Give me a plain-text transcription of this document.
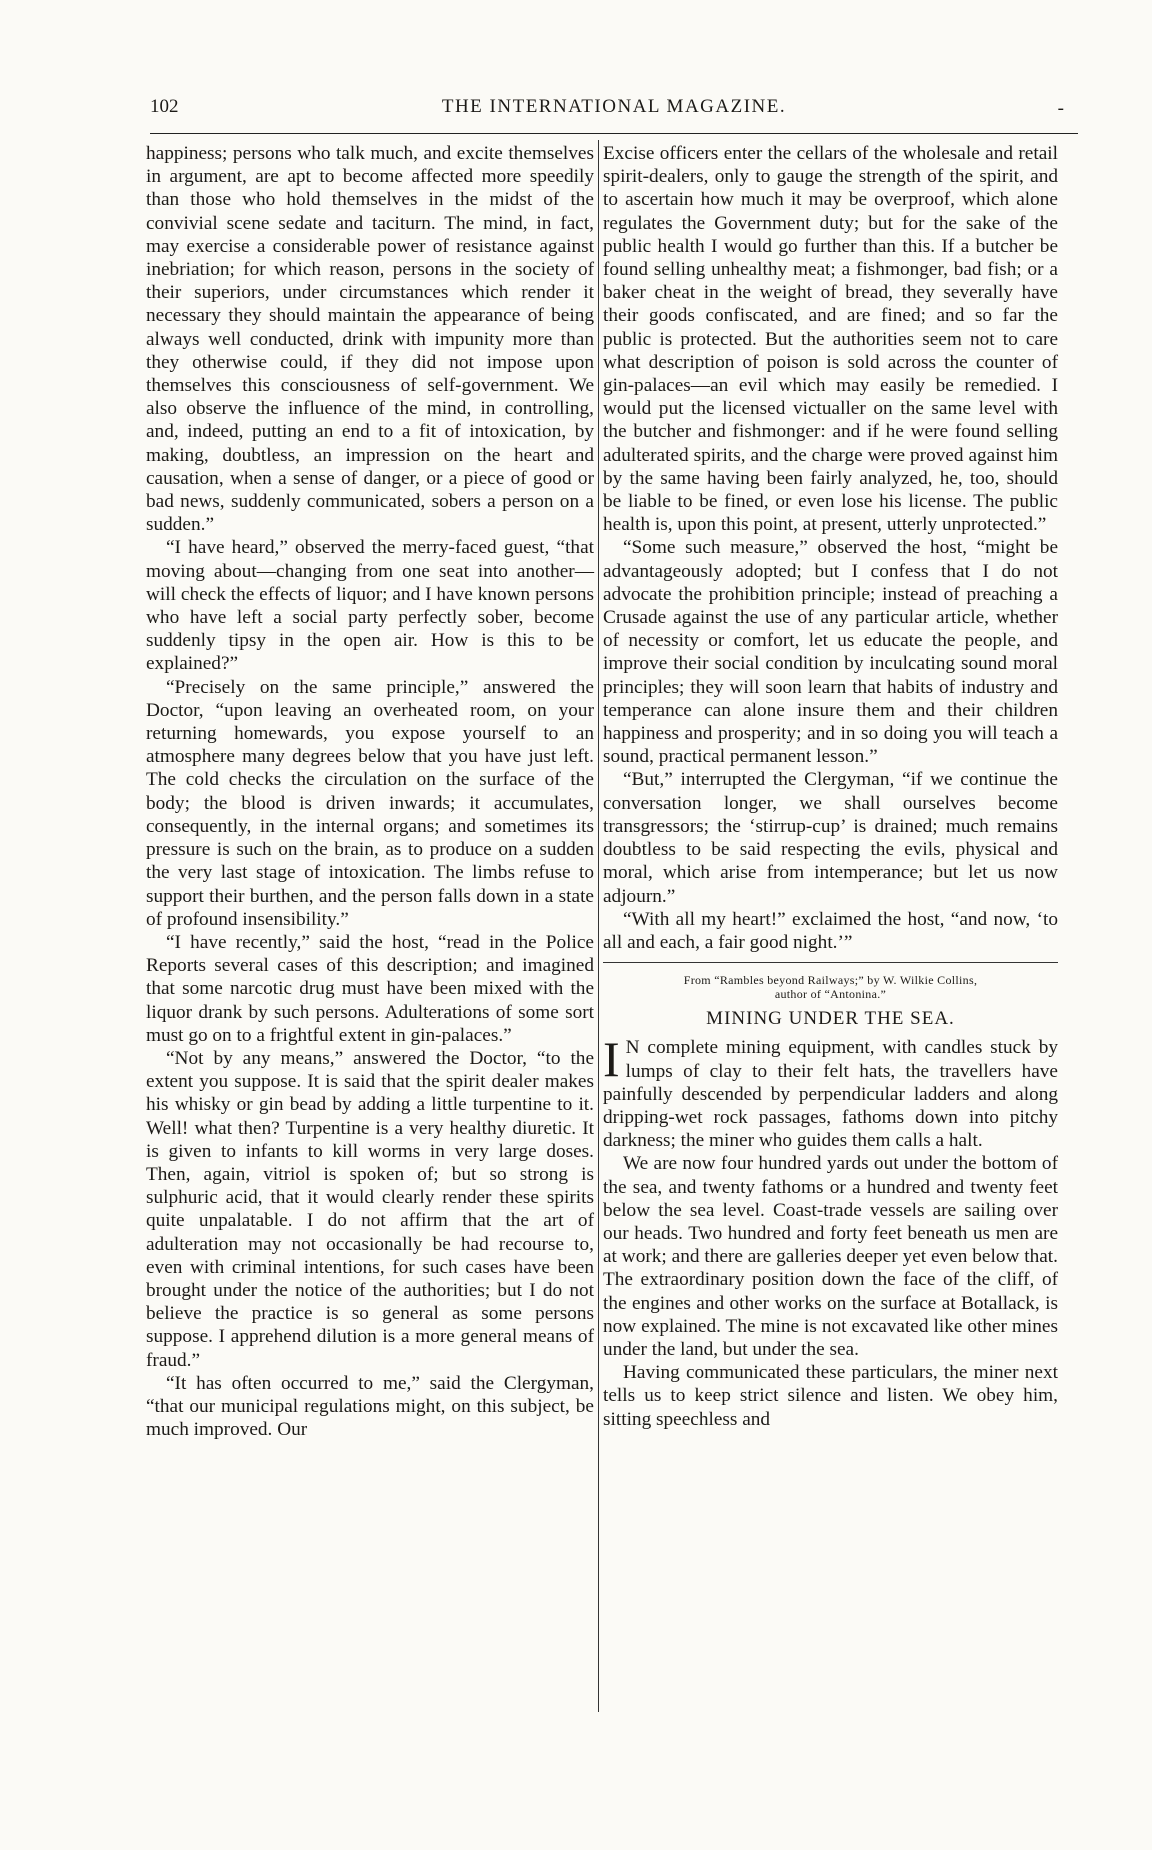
102	THE INTERNATIONAL MAGAZINE.	-

happiness; persons who talk much, and excite themselves in argument, are apt to become affected more speedily than those who hold themselves in the midst of the convivial scene sedate and taciturn. The mind, in fact, may exercise a considerable power of resistance against inebriation; for which reason, persons in the society of their superiors, under circumstances which render it necessary they should maintain the appearance of being always well conducted, drink with impunity more than they otherwise could, if they did not impose upon themselves this consciousness of self-government. We also observe the influence of the mind, in controlling, and, indeed, putting an end to a fit of intoxication, by making, doubtless, an impression on the heart and causation, when a sense of danger, or a piece of good or bad news, suddenly communicated, sobers a person on a sudden.”

“I have heard,” observed the merry-faced guest, “that moving about—changing from one seat into another—will check the effects of liquor; and I have known persons who have left a social party perfectly sober, become suddenly tipsy in the open air. How is this to be explained?”

“Precisely on the same principle,” answered the Doctor, “upon leaving an overheated room, on your returning homewards, you expose yourself to an atmosphere many degrees below that you have just left. The cold checks the circulation on the surface of the body; the blood is driven inwards; it accumulates, consequently, in the internal organs; and sometimes its pressure is such on the brain, as to produce on a sudden the very last stage of intoxication. The limbs refuse to support their burthen, and the person falls down in a state of profound insensibility.”

“I have recently,” said the host, “read in the Police Reports several cases of this description; and imagined that some narcotic drug must have been mixed with the liquor drank by such persons. Adulterations of some sort must go on to a frightful extent in gin-palaces.”

“Not by any means,” answered the Doctor, “to the extent you suppose. It is said that the spirit dealer makes his whisky or gin bead by adding a little turpentine to it. Well! what then? Turpentine is a very healthy diuretic. It is given to infants to kill worms in very large doses. Then, again, vitriol is spoken of; but so strong is sulphuric acid, that it would clearly render these spirits quite unpalatable. I do not affirm that the art of adulteration may not occasionally be had recourse to, even with criminal intentions, for such cases have been brought under the notice of the authorities; but I do not believe the practice is so general as some persons suppose. I apprehend dilution is a more general means of fraud.”

“It has often occurred to me,” said the Clergyman, “that our municipal regulations might, on this subject, be much improved. Our

Excise officers enter the cellars of the wholesale and retail spirit-dealers, only to gauge the strength of the spirit, and to ascertain how much it may be overproof, which alone regulates the Government duty; but for the sake of the public health I would go further than this. If a butcher be found selling unhealthy meat; a fishmonger, bad fish; or a baker cheat in the weight of bread, they severally have their goods confiscated, and are fined; and so far the public is protected. But the authorities seem not to care what description of poison is sold across the counter of gin-palaces—an evil which may easily be remedied. I would put the licensed victualler on the same level with the butcher and fishmonger: and if he were found selling adulterated spirits, and the charge were proved against him by the same having been fairly analyzed, he, too, should be liable to be fined, or even lose his license. The public health is, upon this point, at present, utterly unprotected.”

“Some such measure,” observed the host, “might be advantageously adopted; but I confess that I do not advocate the prohibition principle; instead of preaching a Crusade against the use of any particular article, whether of necessity or comfort, let us educate the people, and improve their social condition by inculcating sound moral principles; they will soon learn that habits of industry and temperance can alone insure them and their children happiness and prosperity; and in so doing you will teach a sound, practical permanent lesson.”

“But,” interrupted the Clergyman, “if we continue the conversation longer, we shall ourselves become transgressors; the ‘stirrup-cup’ is drained; much remains doubtless to be said respecting the evils, physical and moral, which arise from intemperance; but let us now adjourn.”

“With all my heart!” exclaimed the host, “and now, ‘to all and each, a fair good night.’”

From “Rambles beyond Railways;” by W. Wilkie Collins,
author of “Antonina.”
MINING UNDER THE SEA.

I N complete mining equipment, with candles stuck by lumps of clay to their felt hats, the travellers have painfully descended by perpendicular ladders and along dripping-wet rock passages, fathoms down into pitchy darkness; the miner who guides them calls a halt.

We are now four hundred yards out under the bottom of the sea, and twenty fathoms or a hundred and twenty feet below the sea level. Coast-trade vessels are sailing over our heads. Two hundred and forty feet beneath us men are at work; and there are galleries deeper yet even below that. The extraordinary position down the face of the cliff, of the engines and other works on the surface at Botallack, is now explained. The mine is not excavated like other mines under the land, but under the sea.

Having communicated these particulars, the miner next tells us to keep strict silence and listen. We obey him, sitting speechless and
